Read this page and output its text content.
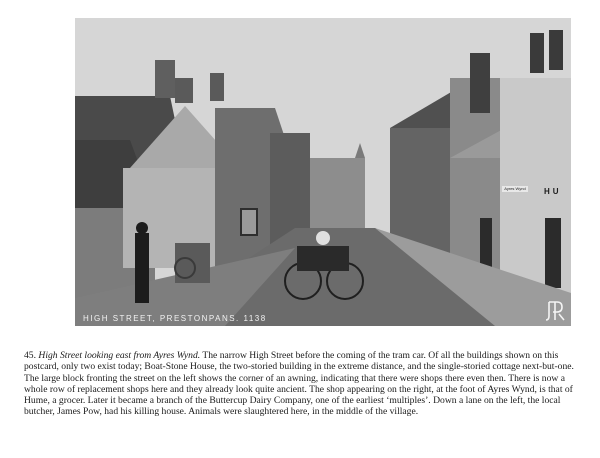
Ayres Wynd HU
HIGH STREET, PRESTONPANS. 1138
45. High Street looking east from Ayres Wynd. The narrow High Street before the coming of the tram car. Of all the buildings shown on this postcard, only two exist today; Boat-Stone House, the two-storied building in the extreme distance, and the single-storied cottage next-but-one. The large block fronting the street on the left shows the corner of an awning, indicating that there were shops there even then. There is now a whole row of replacement shops here and they already look quite ancient. The shop appearing on the right, at the foot of Ayres Wynd, is that of Hume, a grocer. Later it became a branch of the Buttercup Dairy Company, one of the earliest ‘multiples’. Down a lane on the left, the local butcher, James Pow, had his killing house. Animals were slaughtered here, in the middle of the village.
